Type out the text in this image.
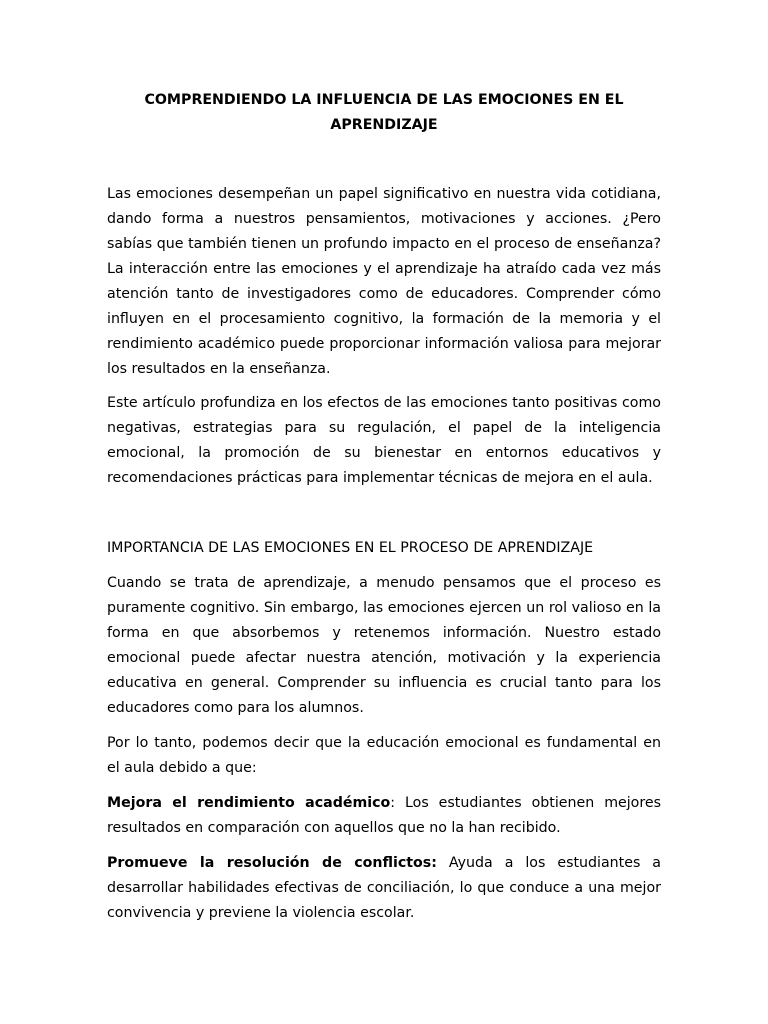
COMPRENDIENDO LA INFLUENCIA DE LAS EMOCIONES EN EL APRENDIZAJE

Las emociones desempeñan un papel significativo en nuestra vida cotidiana, dando forma a nuestros pensamientos, motivaciones y acciones. ¿Pero sabías que también tienen un profundo impacto en el proceso de enseñanza? La interacción entre las emociones y el aprendizaje ha atraído cada vez más atención tanto de investigadores como de educadores. Comprender cómo influyen en el procesamiento cognitivo, la formación de la memoria y el rendimiento académico puede proporcionar información valiosa para mejorar los resultados en la enseñanza.

Este artículo profundiza en los efectos de las emociones tanto positivas como negativas, estrategias para su regulación, el papel de la inteligencia emocional, la promoción de su bienestar en entornos educativos y recomendaciones prácticas para implementar técnicas de mejora en el aula.

IMPORTANCIA DE LAS EMOCIONES EN EL PROCESO DE APRENDIZAJE

Cuando se trata de aprendizaje, a menudo pensamos que el proceso es puramente cognitivo. Sin embargo, las emociones ejercen un rol valioso en la forma en que absorbemos y retenemos información. Nuestro estado emocional puede afectar nuestra atención, motivación y la experiencia educativa en general. Comprender su influencia es crucial tanto para los educadores como para los alumnos.

Por lo tanto, podemos decir que la educación emocional es fundamental en el aula debido a que:

Mejora el rendimiento académico: Los estudiantes obtienen mejores resultados en comparación con aquellos que no la han recibido.

Promueve la resolución de conflictos: Ayuda a los estudiantes a desarrollar habilidades efectivas de conciliación, lo que conduce a una mejor convivencia y previene la violencia escolar.
